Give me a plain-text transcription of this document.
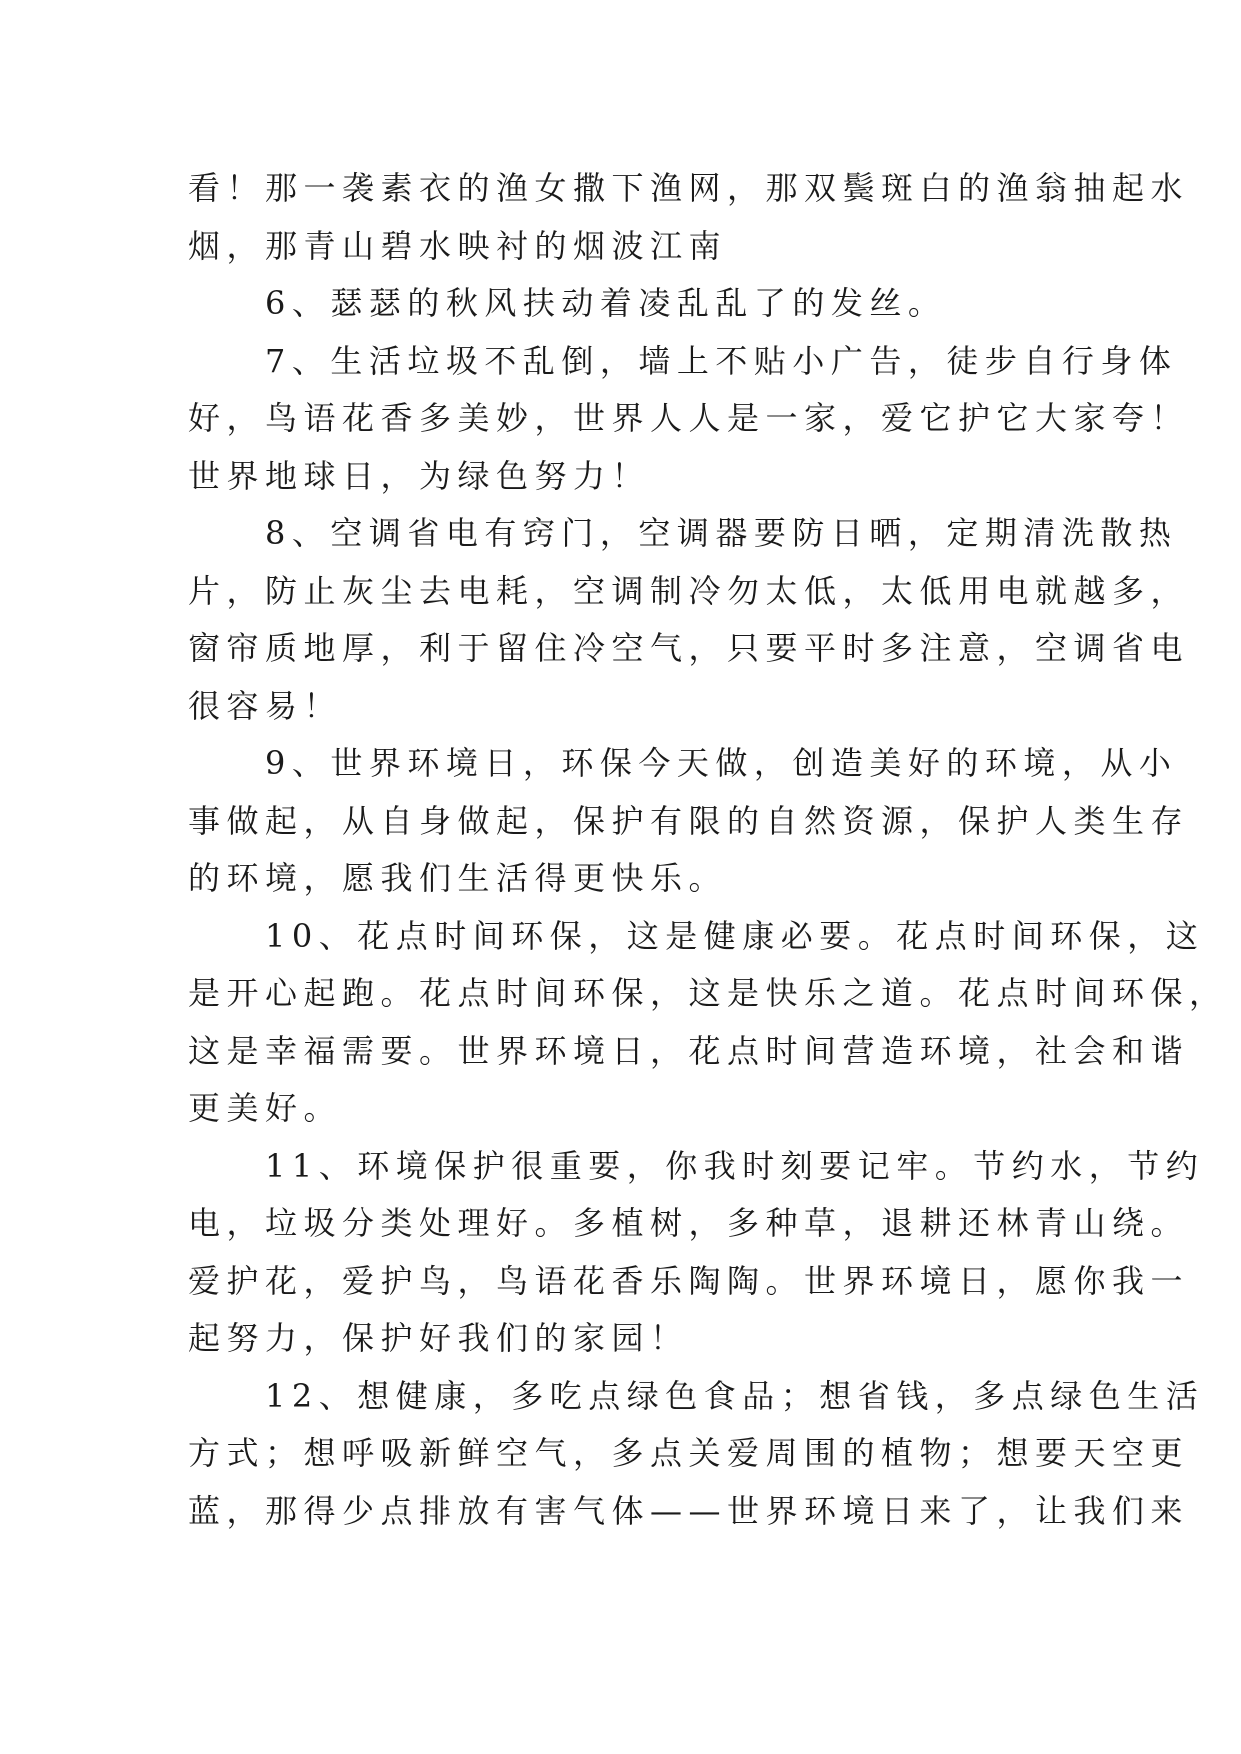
看！那一袭素衣的渔女撒下渔网，那双鬓斑白的渔翁抽起水
烟，那青山碧水映衬的烟波江南

　　6、瑟瑟的秋风扶动着凌乱乱了的发丝。

　　7、生活垃圾不乱倒，墙上不贴小广告，徒步自行身体
好，鸟语花香多美妙，世界人人是一家，爱它护它大家夸！
世界地球日，为绿色努力！

　　8、空调省电有窍门，空调器要防日晒，定期清洗散热
片，防止灰尘去电耗，空调制冷勿太低，太低用电就越多，
窗帘质地厚，利于留住冷空气，只要平时多注意，空调省电
很容易！

　　9、世界环境日，环保今天做，创造美好的环境，从小
事做起，从自身做起，保护有限的自然资源，保护人类生存
的环境，愿我们生活得更快乐。

　　10、花点时间环保，这是健康必要。花点时间环保，这
是开心起跑。花点时间环保，这是快乐之道。花点时间环保，
这是幸福需要。世界环境日，花点时间营造环境，社会和谐
更美好。

　　11、环境保护很重要，你我时刻要记牢。节约水，节约
电，垃圾分类处理好。多植树，多种草，退耕还林青山绕。
爱护花，爱护鸟，鸟语花香乐陶陶。世界环境日，愿你我一
起努力，保护好我们的家园！

　　12、想健康，多吃点绿色食品；想省钱，多点绿色生活
方式；想呼吸新鲜空气，多点关爱周围的植物；想要天空更
蓝，那得少点排放有害气体——世界环境日来了，让我们来
